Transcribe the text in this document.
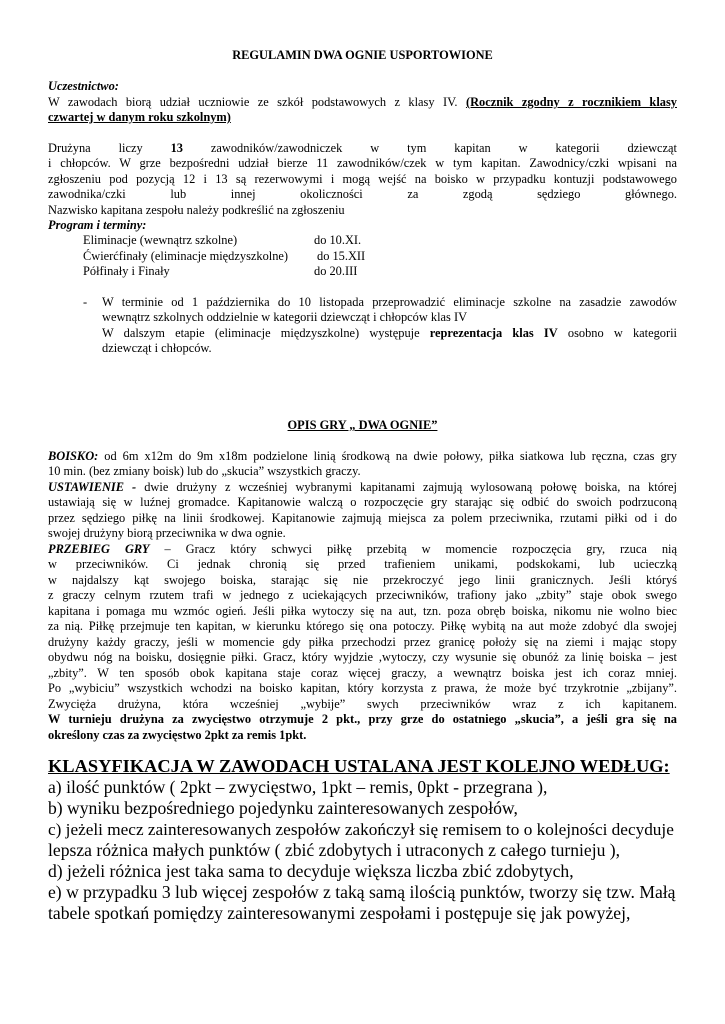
REGULAMIN DWA OGNIE USPORTOWIONE
Uczestnictwo:
W zawodach biorą udział uczniowie ze szkół podstawowych z klasy IV. (Rocznik zgodny z rocznikiem klasy
czwartej w danym roku szkolnym)
Drużyna liczy 13 zawodników/zawodniczek w tym kapitan w kategorii dziewcząt
i chłopców. W grze bezpośredni udział bierze 11 zawodników/czek w tym kapitan. Zawodnicy/czki wpisani na
zgłoszeniu pod pozycją 12 i 13 są rezerwowymi i mogą wejść na boisko w przypadku kontuzji podstawowego
zawodnika/czki lub innej okoliczności za zgodą sędziego głównego.
Nazwisko kapitana zespołu należy podkreślić na zgłoszeniu
Program i terminy:
Eliminacje (wewnątrz szkolne)	do 10.XI.
Ćwierćfinały (eliminacje międzyszkolne) do 15.XII
Półfinały i Finały	do 20.III
- W terminie od 1 października do 10 listopada przeprowadzić eliminacje szkolne na zasadzie zawodów
wewnątrz szkolnych oddzielnie w kategorii dziewcząt i chłopców klas IV
W dalszym etapie (eliminacje międzyszkolne) występuje reprezentacja klas IV osobno w kategorii
dziewcząt i chłopców.
OPIS GRY „ DWA OGNIE”
BOISKO: od 6m x12m do 9m x18m podzielone linią środkową na dwie połowy, piłka siatkowa lub ręczna, czas gry
10 min. (bez zmiany boisk) lub do „skucia” wszystkich graczy.
USTAWIENIE - dwie drużyny z wcześniej wybranymi kapitanami zajmują wylosowaną połowę boiska, na której
ustawiają się w luźnej gromadce. Kapitanowie walczą o rozpoczęcie gry starając się odbić do swoich podrzuconą
przez sędziego piłkę na linii środkowej. Kapitanowie zajmują miejsca za polem przeciwnika, rzutami piłki od i do
swojej drużyny biorą przeciwnika w dwa ognie.
PRZEBIEG GRY – Gracz który schwyci piłkę przebitą w momencie rozpoczęcia gry, rzuca nią
w przeciwników. Ci jednak chronią się przed trafieniem unikami, podskokami, lub ucieczką
w najdalszy kąt swojego boiska, starając się nie przekroczyć jego linii granicznych. Jeśli któryś
z graczy celnym rzutem trafi w jednego z uciekających przeciwników, trafiony jako „zbity” staje obok swego
kapitana i pomaga mu wzmóc ogień. Jeśli piłka wytoczy się na aut, tzn. poza obręb boiska, nikomu nie wolno biec
za nią. Piłkę przejmuje ten kapitan, w kierunku którego się ona potoczy. Piłkę wybitą na aut może zdobyć dla swojej
drużyny każdy graczy, jeśli w momencie gdy piłka przechodzi przez granicę położy się na ziemi i mając stopy
obydwu nóg na boisku, dosięgnie piłki. Gracz, który wyjdzie ,wytoczy, czy wysunie się obunóż za linię boiska – jest
„zbity”. W ten sposób obok kapitana staje coraz więcej graczy, a wewnątrz boiska jest ich coraz mniej.
Po „wybiciu” wszystkich wchodzi na boisko kapitan, który korzysta z prawa, że może być trzykrotnie „zbijany”.
Zwycięża drużyna, która wcześniej „wybije” swych przeciwników wraz z ich kapitanem.
W turnieju drużyna za zwycięstwo otrzymuje 2 pkt., przy grze do ostatniego „skucia”, a jeśli gra się na
określony czas za zwycięstwo 2pkt za remis 1pkt.
KLASYFIKACJA W ZAWODACH USTALANA JEST KOLEJNO WEDŁUG:
a) ilość punktów ( 2pkt – zwycięstwo, 1pkt – remis, 0pkt - przegrana ),
b) wyniku bezpośredniego pojedynku zainteresowanych zespołów,
c) jeżeli mecz zainteresowanych zespołów zakończył się remisem to o kolejności decyduje
lepsza różnica małych punktów ( zbić zdobytych i utraconych z całego turnieju ),
d) jeżeli różnica jest taka sama to decyduje większa liczba zbić zdobytych,
e) w przypadku 3 lub więcej zespołów z taką samą ilością punktów, tworzy się tzw. Małą
tabele spotkań pomiędzy zainteresowanymi zespołami i postępuje się jak powyżej,
